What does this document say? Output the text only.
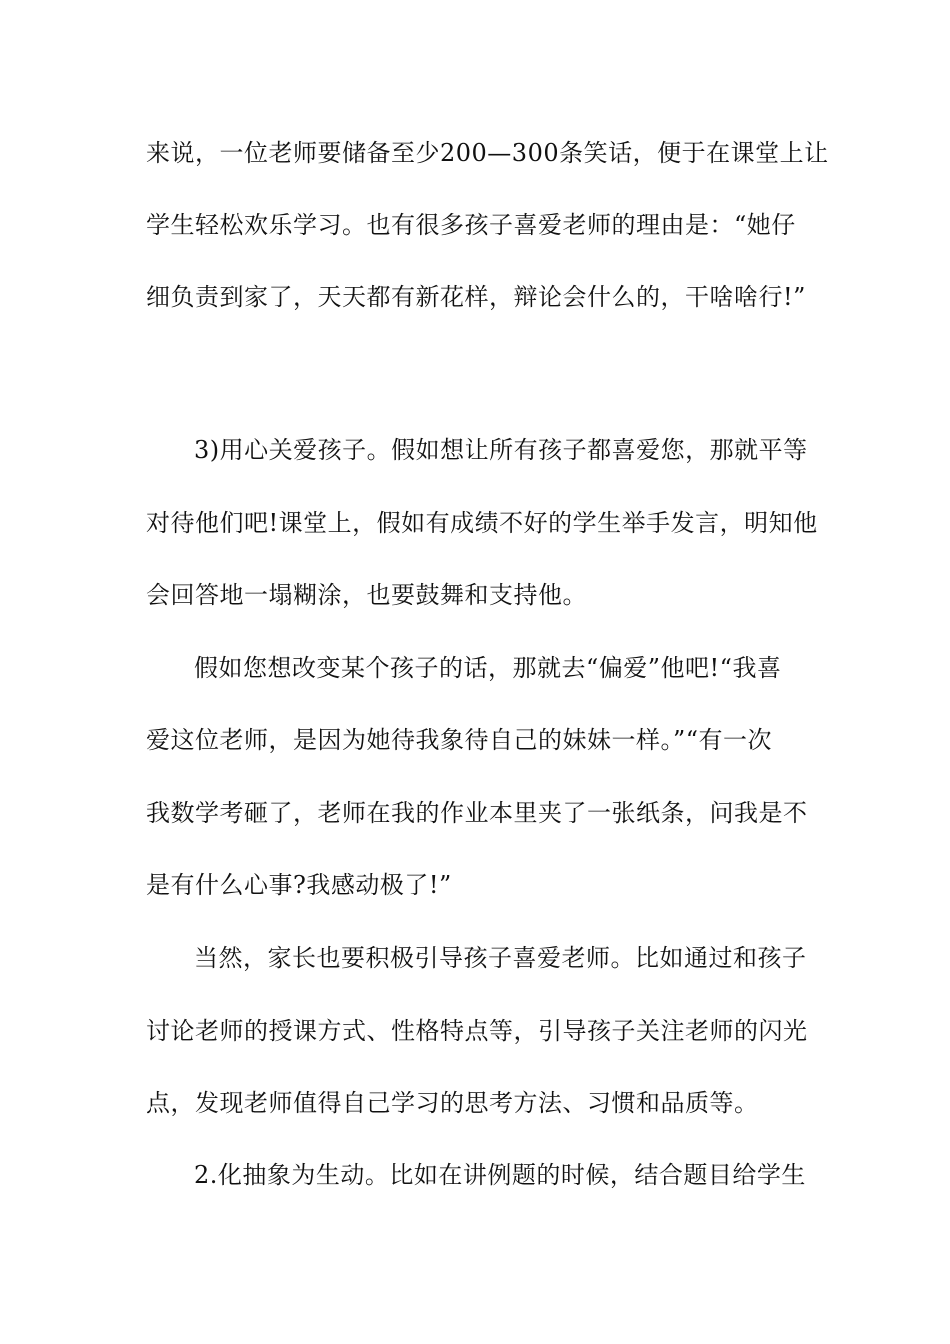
来说，一位老师要储备至少200—300条笑话，便于在课堂上让
学生轻松欢乐学习。也有很多孩子喜爱老师的理由是：“她仔
细负责到家了，天天都有新花样，辩论会什么的，干啥啥行!”
3)用心关爱孩子。假如想让所有孩子都喜爱您，那就平等
对待他们吧!课堂上，假如有成绩不好的学生举手发言，明知他
会回答地一塌糊涂，也要鼓舞和支持他。
假如您想改变某个孩子的话，那就去“偏爱”他吧!“我喜
爱这位老师，是因为她待我象待自己的妹妹一样。”“有一次
我数学考砸了，老师在我的作业本里夹了一张纸条，问我是不
是有什么心事?我感动极了!”
当然，家长也要积极引导孩子喜爱老师。比如通过和孩子
讨论老师的授课方式、性格特点等，引导孩子关注老师的闪光
点，发现老师值得自己学习的思考方法、习惯和品质等。
2.化抽象为生动。比如在讲例题的时候，结合题目给学生
